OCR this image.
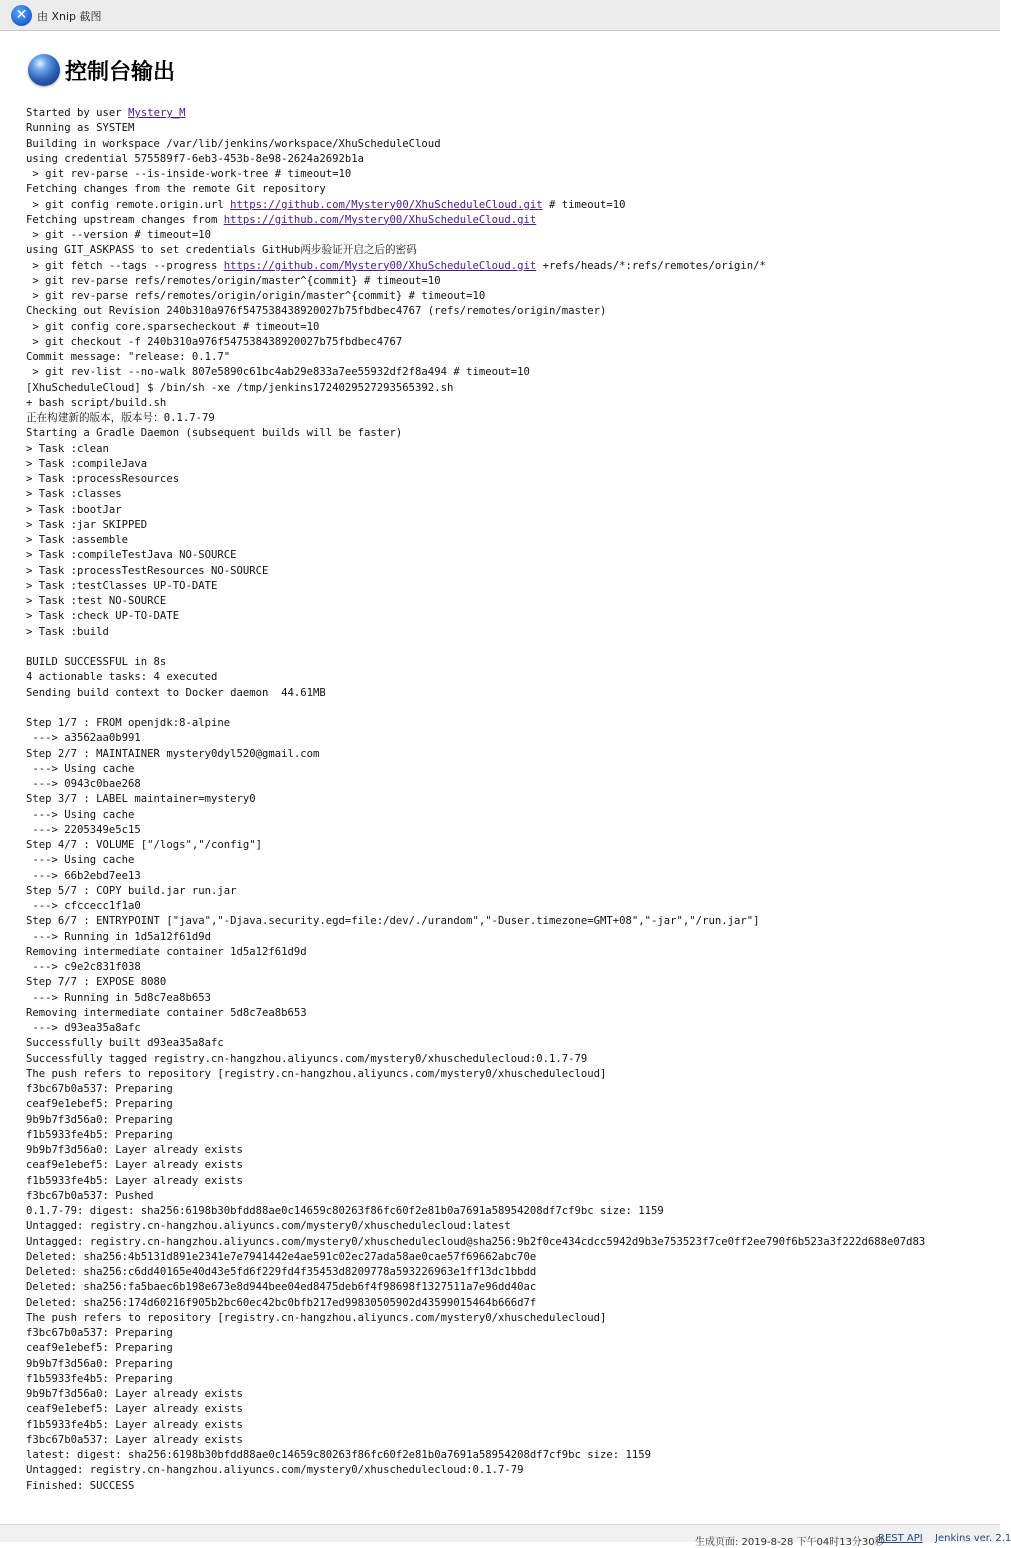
✕ 由 Xnip 截图
控制台输出
Started by user Mystery_M
Running as SYSTEM
Building in workspace /var/lib/jenkins/workspace/XhuScheduleCloud
using credential 575589f7-6eb3-453b-8e98-2624a2692b1a
> git rev-parse --is-inside-work-tree # timeout=10
Fetching changes from the remote Git repository
> git config remote.origin.url https://github.com/Mystery00/XhuScheduleCloud.git # timeout=10
Fetching upstream changes from https://github.com/Mystery00/XhuScheduleCloud.git
> git --version # timeout=10
using GIT_ASKPASS to set credentials GitHub两步验证开启之后的密码
> git fetch --tags --progress https://github.com/Mystery00/XhuScheduleCloud.git +refs/heads/*:refs/remotes/origin/*
> git rev-parse refs/remotes/origin/master^{commit} # timeout=10
> git rev-parse refs/remotes/origin/origin/master^{commit} # timeout=10
Checking out Revision 240b310a976f547538438920027b75fbdbec4767 (refs/remotes/origin/master)
> git config core.sparsecheckout # timeout=10
> git checkout -f 240b310a976f547538438920027b75fbdbec4767
Commit message: "release: 0.1.7"
> git rev-list --no-walk 807e5890c61bc4ab29e833a7ee55932df2f8a494 # timeout=10
[XhuScheduleCloud] $ /bin/sh -xe /tmp/jenkins1724029527293565392.sh
+ bash script/build.sh
正在构建新的版本，版本号：0.1.7-79
Starting a Gradle Daemon (subsequent builds will be faster)
> Task :clean
> Task :compileJava
> Task :processResources
> Task :classes
> Task :bootJar
> Task :jar SKIPPED
> Task :assemble
> Task :compileTestJava NO-SOURCE
> Task :processTestResources NO-SOURCE
> Task :testClasses UP-TO-DATE
> Task :test NO-SOURCE
> Task :check UP-TO-DATE
> Task :build
BUILD SUCCESSFUL in 8s
4 actionable tasks: 4 executed
Sending build context to Docker daemon  44.61MB
Step 1/7 : FROM openjdk:8-alpine
---> a3562aa0b991
Step 2/7 : MAINTAINER mystery0dyl520@gmail.com
---> Using cache
---> 0943c0bae268
Step 3/7 : LABEL maintainer=mystery0
---> Using cache
---> 2205349e5c15
Step 4/7 : VOLUME ["/logs","/config"]
---> Using cache
---> 66b2ebd7ee13
Step 5/7 : COPY build.jar run.jar
---> cfccecc1f1a0
Step 6/7 : ENTRYPOINT ["java","-Djava.security.egd=file:/dev/./urandom","-Duser.timezone=GMT+08","-jar","/run.jar"]
---> Running in 1d5a12f61d9d
Removing intermediate container 1d5a12f61d9d
---> c9e2c831f038
Step 7/7 : EXPOSE 8080
---> Running in 5d8c7ea8b653
Removing intermediate container 5d8c7ea8b653
---> d93ea35a8afc
Successfully built d93ea35a8afc
Successfully tagged registry.cn-hangzhou.aliyuncs.com/mystery0/xhuschedulecloud:0.1.7-79
The push refers to repository [registry.cn-hangzhou.aliyuncs.com/mystery0/xhuschedulecloud]
f3bc67b0a537: Preparing
ceaf9e1ebef5: Preparing
9b9b7f3d56a0: Preparing
f1b5933fe4b5: Preparing
9b9b7f3d56a0: Layer already exists
ceaf9e1ebef5: Layer already exists
f1b5933fe4b5: Layer already exists
f3bc67b0a537: Pushed
0.1.7-79: digest: sha256:6198b30bfdd88ae0c14659c80263f86fc60f2e81b0a7691a58954208df7cf9bc size: 1159
Untagged: registry.cn-hangzhou.aliyuncs.com/mystery0/xhuschedulecloud:latest
Untagged: registry.cn-hangzhou.aliyuncs.com/mystery0/xhuschedulecloud@sha256:9b2f0ce434cdcc5942d9b3e753523f7ce0ff2ee790f6b523a3f222d688e07d83
Deleted: sha256:4b5131d891e2341e7e7941442e4ae591c02ec27ada58ae0cae57f69662abc70e
Deleted: sha256:c6dd40165e40d43e5fd6f229fd4f35453d8209778a593226963e1ff13dc1bbdd
Deleted: sha256:fa5baec6b198e673e8d944bee04ed8475deb6f4f98698f1327511a7e96dd40ac
Deleted: sha256:174d60216f905b2bc60ec42bc0bfb217ed99830505902d43599015464b666d7f
The push refers to repository [registry.cn-hangzhou.aliyuncs.com/mystery0/xhuschedulecloud]
f3bc67b0a537: Preparing
ceaf9e1ebef5: Preparing
9b9b7f3d56a0: Preparing
f1b5933fe4b5: Preparing
9b9b7f3d56a0: Layer already exists
ceaf9e1ebef5: Layer already exists
f1b5933fe4b5: Layer already exists
f3bc67b0a537: Layer already exists
latest: digest: sha256:6198b30bfdd88ae0c14659c80263f86fc60f2e81b0a7691a58954208df7cf9bc size: 1159
Untagged: registry.cn-hangzhou.aliyuncs.com/mystery0/xhuschedulecloud:0.1.7-79
Finished: SUCCESS
生成页面: 2019-8-28 下午04时13分30秒
REST API Jenkins ver. 2.1
